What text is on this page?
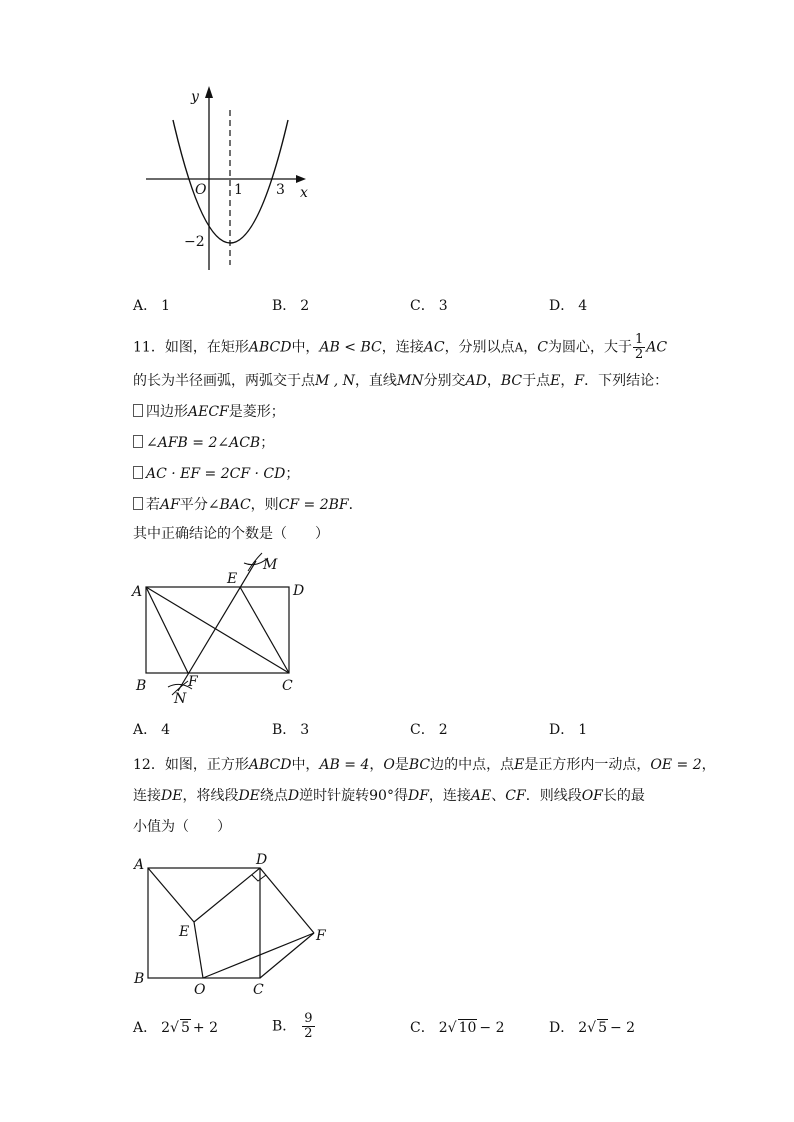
y
x
O 1 3
−2
A． 1	B． 2	C． 3	D． 4
11．如图，在矩形ABCD中，AB < BC，连接AC，分别以点A，C为圆心，大于 $\frac{1}{2}$ AC
的长为半径画弧，两弧交于点M , N，直线MN分别交AD，BC于点E，F．下列结论：
四边形AECF是菱形；
∠AFB = 2∠ACB；
AC · EF = 2CF · CD；
若AF平分∠BAC，则CF = 2BF．
其中正确结论的个数是（　　）
A
B	C
D
E
F
M
N
A． 4	B． 3	C． 2	D． 1
12．如图，正方形ABCD中，AB = 4，O是BC边的中点，点E是正方形内一动点，OE = 2，
连接DE，将线段DE绕点D逆时针旋转90°得DF，连接AE、CF．则线段OF长的最
小值为（　　）
A
B
C
D
E	F
O
A． 2√ 5 + 2	B． $\frac{9}{2}$	C． 2√ 10 − 2	D． 2√ 5 − 2
